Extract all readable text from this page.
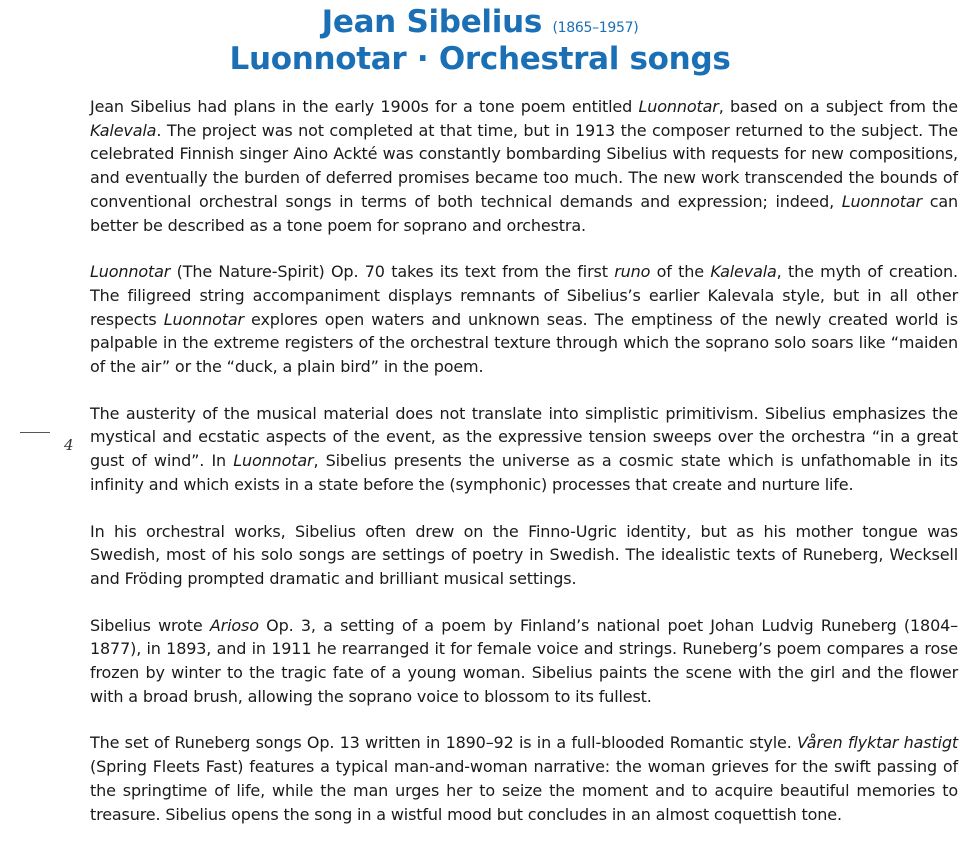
Jean Sibelius (1865–1957)
Luonnotar · Orchestral songs
4

Jean Sibelius had plans in the early 1900s for a tone poem entitled Luonnotar, based on a subject from the Kalevala. The project was not completed at that time, but in 1913 the composer returned to the subject. The celebrated Finnish singer Aino Ackté was constantly bombarding Sibelius with requests for new compositions, and eventually the burden of deferred promises became too much. The new work transcended the bounds of conventional orchestral songs in terms of both technical demands and expression; indeed, Luonnotar can better be described as a tone poem for soprano and orchestra.

Luonnotar (The Nature-Spirit) Op. 70 takes its text from the first runo of the Kalevala, the myth of creation. The filigreed string accompaniment displays remnants of Sibelius’s earlier Kalevala style, but in all other respects Luonnotar explores open waters and unknown seas. The emptiness of the newly created world is palpable in the extreme registers of the orchestral texture through which the soprano solo soars like “maiden of the air” or the “duck, a plain bird” in the poem.

The austerity of the musical material does not translate into simplistic primitivism. Sibelius emphasizes the mystical and ecstatic aspects of the event, as the expressive tension sweeps over the orchestra “in a great gust of wind”. In Luonnotar, Sibelius presents the universe as a cosmic state which is unfathomable in its infinity and which exists in a state before the (symphonic) processes that create and nurture life.

In his orchestral works, Sibelius often drew on the Finno-Ugric identity, but as his mother tongue was Swedish, most of his solo songs are settings of poetry in Swedish. The idealistic texts of Runeberg, Wecksell and Fröding prompted dramatic and brilliant musical settings.

Sibelius wrote Arioso Op. 3, a setting of a poem by Finland’s national poet Johan Ludvig Runeberg (1804–1877), in 1893, and in 1911 he rearranged it for female voice and strings. Runeberg’s poem compares a rose frozen by winter to the tragic fate of a young woman. Sibelius paints the scene with the girl and the flower with a broad brush, allowing the soprano voice to blossom to its fullest.

The set of Runeberg songs Op. 13 written in 1890–92 is in a full-blooded Romantic style. Våren flyktar hastigt (Spring Fleets Fast) features a typical man-and-woman narrative: the woman grieves for the swift passing of the springtime of life, while the man urges her to seize the moment and to acquire beautiful memories to treasure. Sibelius opens the song in a wistful mood but concludes in an almost coquettish tone.
